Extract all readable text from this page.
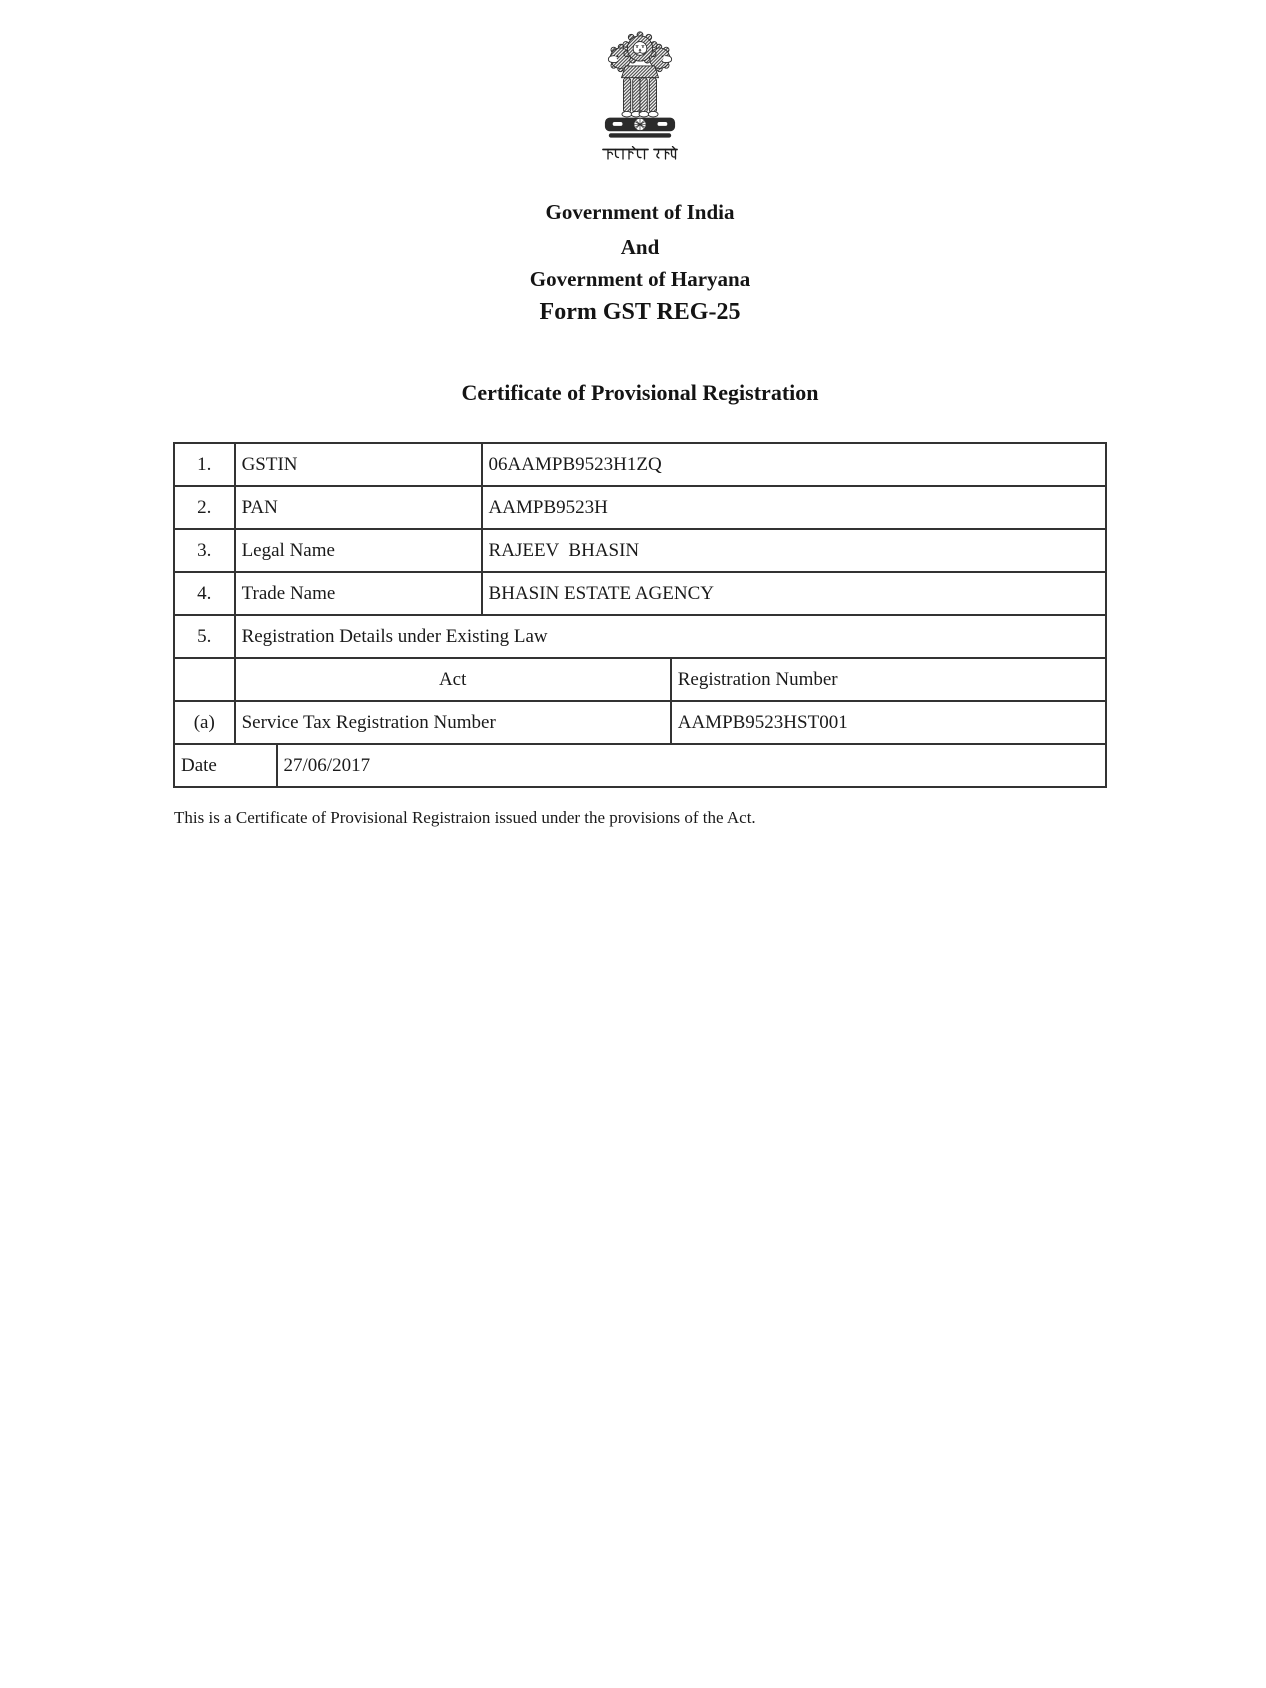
Government of India
And
Government of Haryana
Form GST REG-25
Certificate of Provisional Registration
1.	GSTIN		06AAMPB9523H1ZQ	
2.	PAN		AAMPB9523H	
3.	Legal Name		RAJEEV  BHASIN	
4.	Trade Name		BHASIN ESTATE AGENCY	
5.	Registration Details under Existing Law			
	Act			Registration Number
(a)	Service Tax Registration Number			AAMPB9523HST001
Date		27/06/2017		
This is a Certificate of Provisional Registraion issued under the provisions of the Act.
